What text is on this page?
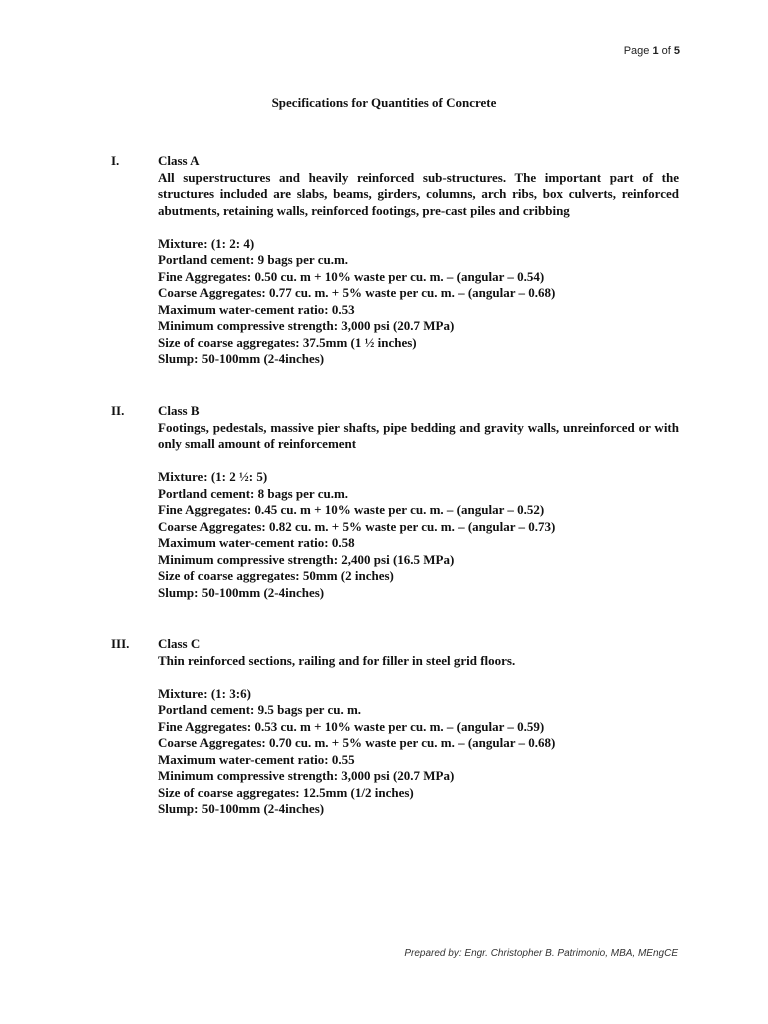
Page 1 of 5
Specifications for Quantities of Concrete
I.	Class A

All superstructures and heavily reinforced sub-structures. The important part of the structures included are slabs, beams, girders, columns, arch ribs, box culverts, reinforced abutments, retaining walls, reinforced footings, pre-cast piles and cribbing

Mixture: (1: 2: 4)

Portland cement: 9 bags per cu.m.

Fine Aggregates: 0.50 cu. m + 10% waste per cu. m. – (angular – 0.54)

Coarse Aggregates: 0.77 cu. m. + 5% waste per cu. m. – (angular – 0.68)

Maximum water-cement ratio: 0.53

Minimum compressive strength: 3,000 psi (20.7 MPa)

Size of coarse aggregates: 37.5mm (1 ½ inches)

Slump: 50-100mm (2-4inches)

II.	Class B

Footings, pedestals, massive pier shafts, pipe bedding and gravity walls, unreinforced or with only small amount of reinforcement

Mixture: (1: 2 ½: 5)

Portland cement: 8 bags per cu.m.

Fine Aggregates: 0.45 cu. m + 10% waste per cu. m. – (angular – 0.52)

Coarse Aggregates: 0.82 cu. m. + 5% waste per cu. m. – (angular – 0.73)

Maximum water-cement ratio: 0.58

Minimum compressive strength: 2,400 psi (16.5 MPa)

Size of coarse aggregates: 50mm (2 inches)

Slump: 50-100mm (2-4inches)

III. Class C

Thin reinforced sections, railing and for filler in steel grid floors.

Mixture: (1: 3:6)

Portland cement: 9.5 bags per cu. m.

Fine Aggregates: 0.53 cu. m + 10% waste per cu. m. – (angular – 0.59)

Coarse Aggregates: 0.70 cu. m. + 5% waste per cu. m. – (angular – 0.68)

Maximum water-cement ratio: 0.55

Minimum compressive strength: 3,000 psi (20.7 MPa)

Size of coarse aggregates: 12.5mm (1/2 inches)

Slump: 50-100mm (2-4inches)

Prepared by: Engr. Christopher B. Patrimonio, MBA, MEngCE
